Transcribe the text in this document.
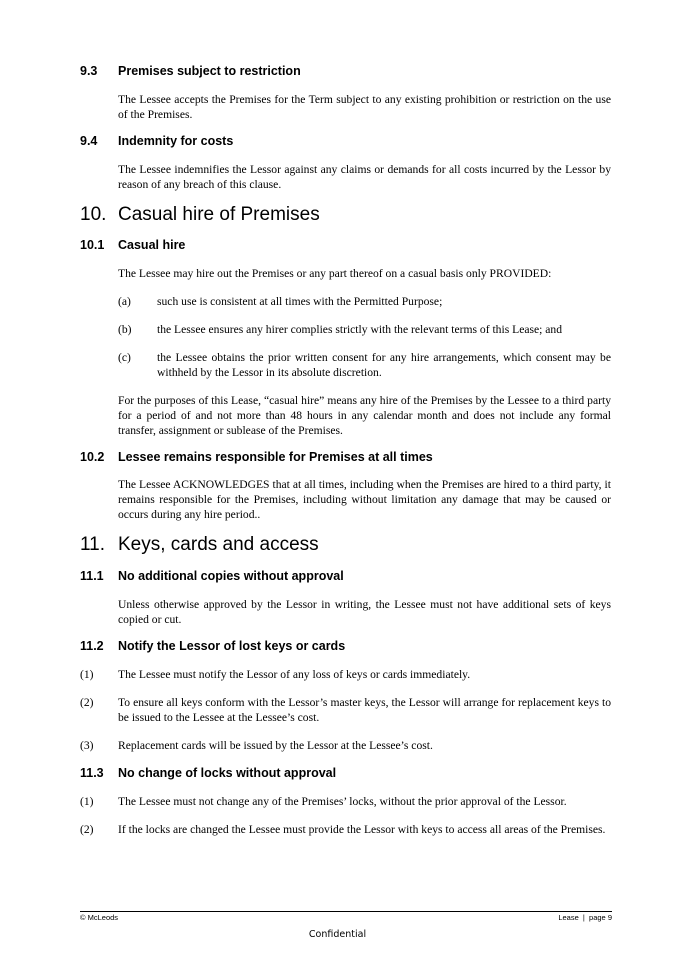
9.3 Premises subject to restriction
The Lessee accepts the Premises for the Term subject to any existing prohibition or restriction on the use of the Premises.
9.4 Indemnity for costs
The Lessee indemnifies the Lessor against any claims or demands for all costs incurred by the Lessor by reason of any breach of this clause.
10. Casual hire of Premises
10.1 Casual hire
The Lessee may hire out the Premises or any part thereof on a casual basis only PROVIDED:
(a) such use is consistent at all times with the Permitted Purpose;
(b) the Lessee ensures any hirer complies strictly with the relevant terms of this Lease; and
(c) the Lessee obtains the prior written consent for any hire arrangements, which consent may be withheld by the Lessor in its absolute discretion.
For the purposes of this Lease, “casual hire” means any hire of the Premises by the Lessee to a third party for a period of and not more than 48 hours in any calendar month and does not include any formal transfer, assignment or sublease of the Premises.
10.2 Lessee remains responsible for Premises at all times
The Lessee ACKNOWLEDGES that at all times, including when the Premises are hired to a third party, it remains responsible for the Premises, including without limitation any damage that may be caused or occurs during any hire period..
11. Keys, cards and access
11.1 No additional copies without approval
Unless otherwise approved by the Lessor in writing, the Lessee must not have additional sets of keys copied or cut.
11.2 Notify the Lessor of lost keys or cards
(1) The Lessee must notify the Lessor of any loss of keys or cards immediately.
(2) To ensure all keys conform with the Lessor’s master keys, the Lessor will arrange for replacement keys to be issued to the Lessee at the Lessee’s cost.
(3) Replacement cards will be issued by the Lessor at the Lessee’s cost.
11.3 No change of locks without approval
(1) The Lessee must not change any of the Premises’ locks, without the prior approval of the Lessor.
(2) If the locks are changed the Lessee must provide the Lessor with keys to access all areas of the Premises.
© McLeods	Lease  |  page 9
Confidential
